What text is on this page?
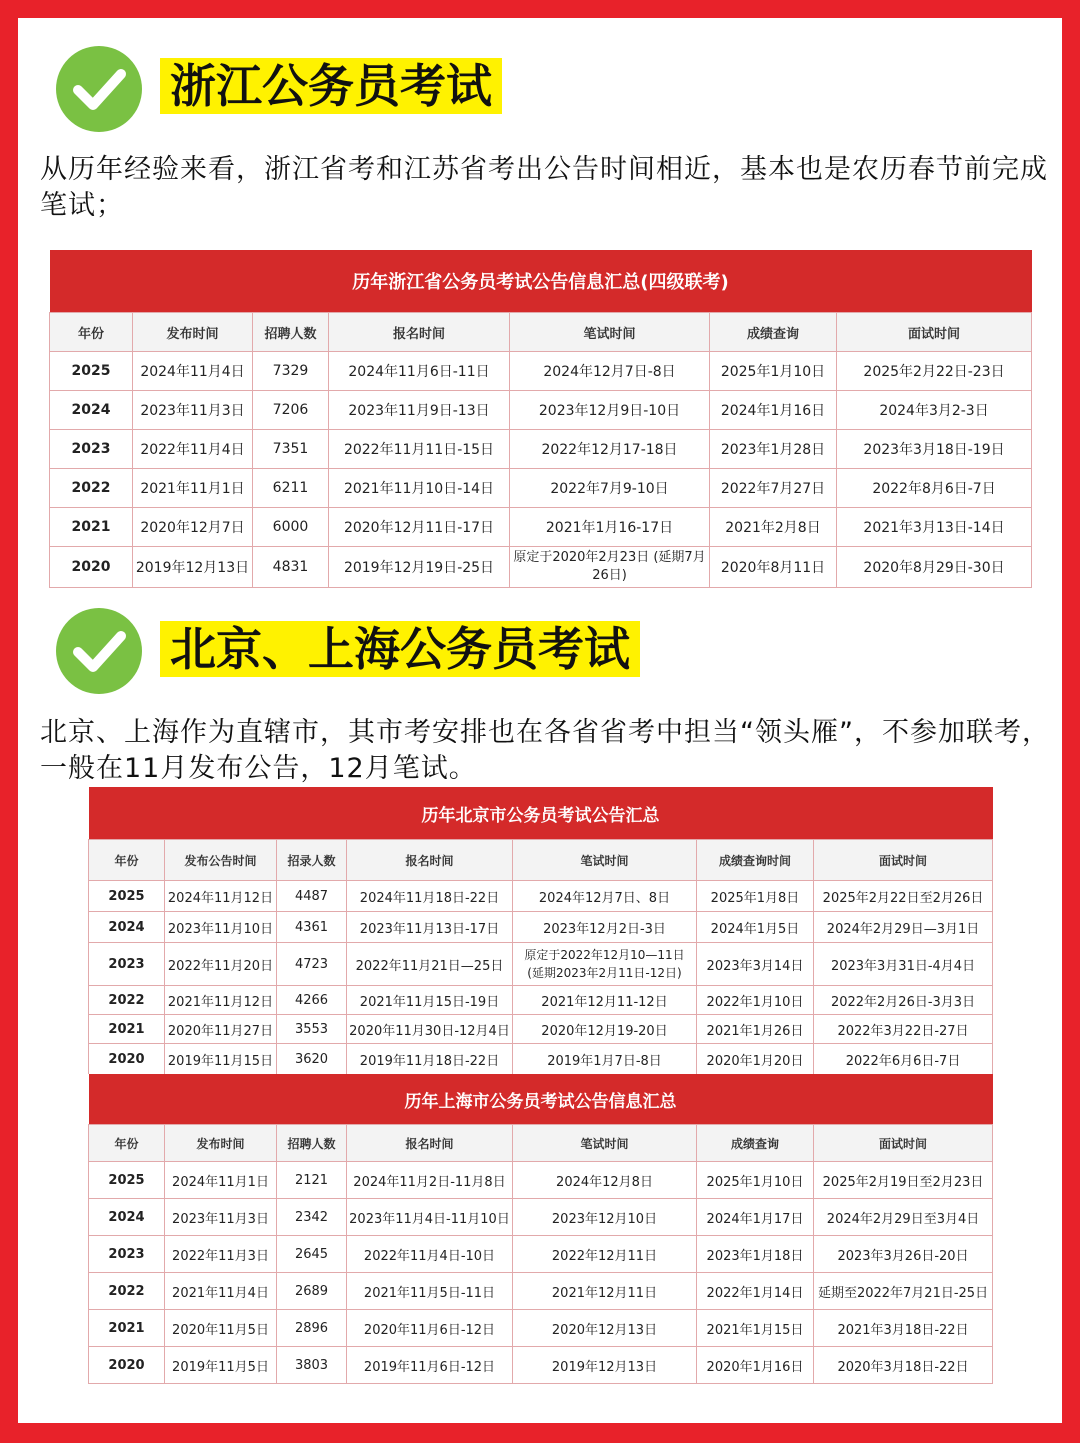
浙江公务员考试
从历年经验来看，浙江省考和江苏省考出公告时间相近，基本也是农历春节前完成笔试；
历年浙江省公务员考试公告信息汇总(四级联考)						
年份	发布时间	招聘人数	报名时间	笔试时间	成绩查询	面试时间
2025	2024年11月4日	7329	2024年11月6日-11日	2024年12月7日-8日	2025年1月10日	2025年2月22日-23日
2024	2023年11月3日	7206	2023年11月9日-13日	2023年12月9日-10日	2024年1月16日	2024年3月2-3日
2023	2022年11月4日	7351	2022年11月11日-15日	2022年12月17-18日	2023年1月28日	2023年3月18日-19日
2022	2021年11月1日	6211	2021年11月10日-14日	2022年7月9-10日	2022年7月27日	2022年8月6日-7日
2021	2020年12月7日	6000	2020年12月11日-17日	2021年1月16-17日	2021年2月8日	2021年3月13日-14日
2020	2019年12月13日	4831	2019年12月19日-25日	原定于2020年2月23日 (延期7月26日)	2020年8月11日	2020年8月29日-30日
北京、上海公务员考试
北京、上海作为直辖市，其市考安排也在各省省考中担当“领头雁”，不参加联考，一般在11月发布公告，12月笔试。
历年北京市公务员考试公告汇总						
年份	发布公告时间	招录人数	报名时间	笔试时间	成绩查询时间	面试时间
2025	2024年11月12日	4487	2024年11月18日-22日	2024年12月7日、8日	2025年1月8日	2025年2月22日至2月26日
2024	2023年11月10日	4361	2023年11月13日-17日	2023年12月2日-3日	2024年1月5日	2024年2月29日—3月1日
2023	2022年11月20日	4723	2022年11月21日—25日	原定于2022年12月10—11日 (延期2023年2月11日-12日)	2023年3月14日	2023年3月31日-4月4日
2022	2021年11月12日	4266	2021年11月15日-19日	2021年12月11-12日	2022年1月10日	2022年2月26日-3月3日
2021	2020年11月27日	3553	2020年11月30日-12月4日	2020年12月19-20日	2021年1月26日	2022年3月22日-27日
2020	2019年11月15日	3620	2019年11月18日-22日	2019年1月7日-8日	2020年1月20日	2022年6月6日-7日
历年上海市公务员考试公告信息汇总						
年份	发布时间	招聘人数	报名时间	笔试时间	成绩查询	面试时间
2025	2024年11月1日	2121	2024年11月2日-11月8日	2024年12月8日	2025年1月10日	2025年2月19日至2月23日
2024	2023年11月3日	2342	2023年11月4日-11月10日	2023年12月10日	2024年1月17日	2024年2月29日至3月4日
2023	2022年11月3日	2645	2022年11月4日-10日	2022年12月11日	2023年1月18日	2023年3月26日-20日
2022	2021年11月4日	2689	2021年11月5日-11日	2021年12月11日	2022年1月14日	延期至2022年7月21日-25日
2021	2020年11月5日	2896	2020年11月6日-12日	2020年12月13日	2021年1月15日	2021年3月18日-22日
2020	2019年11月5日	3803	2019年11月6日-12日	2019年12月13日	2020年1月16日	2020年3月18日-22日
